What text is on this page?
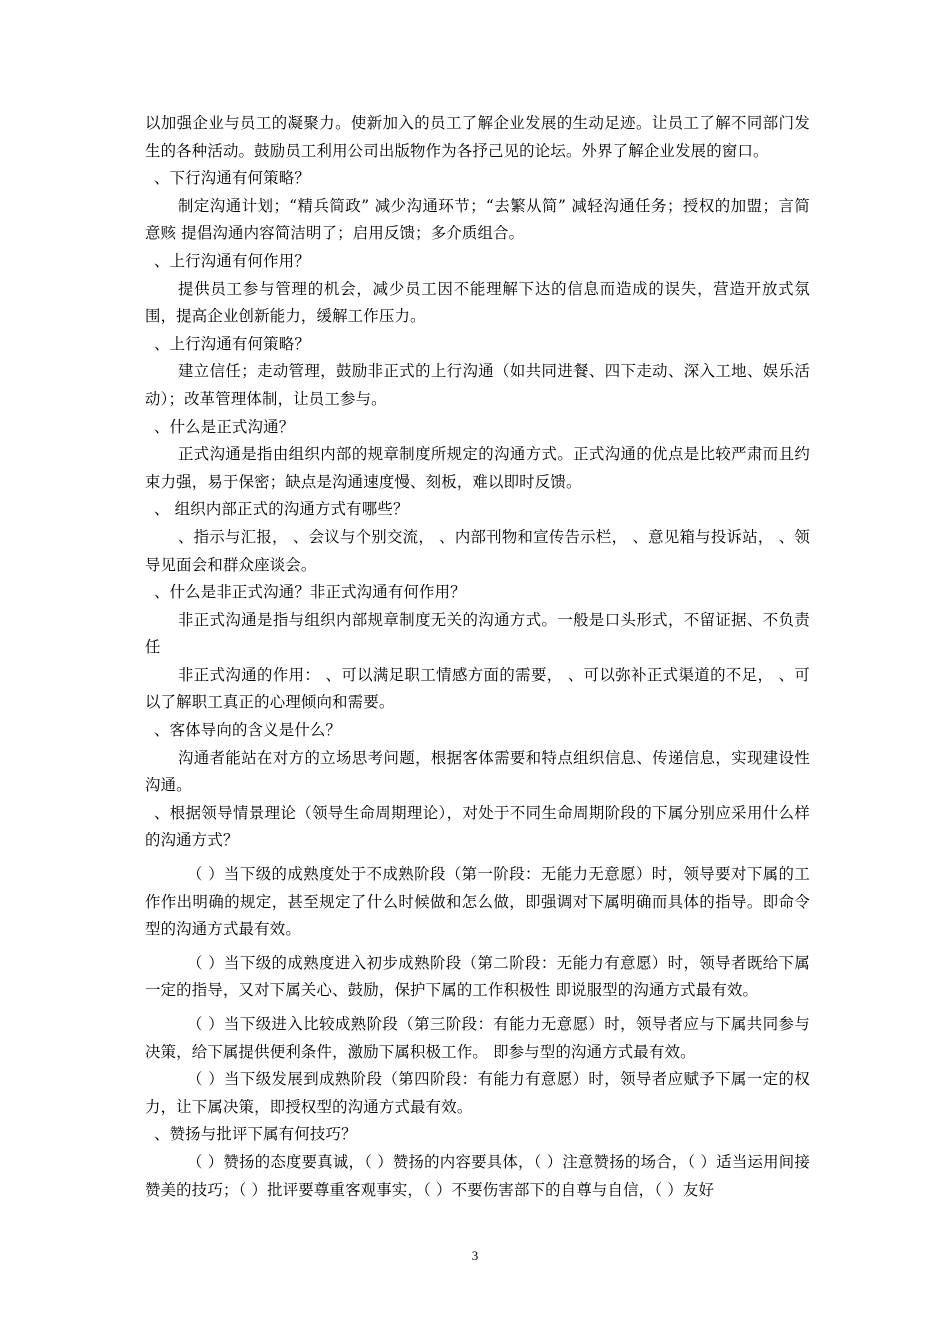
以加强企业与员工的凝聚力。使新加入的员工了解企业发展的生动足迹。让员工了解不同部门发生的各种活动。鼓励员工利用公司出版物作为各抒己见的论坛。外界了解企业发展的窗口。

、下行沟通有何策略？

制定沟通计划；“精兵简政” 减少沟通环节；“去繁从简” 减轻沟通任务；授权的加盟；言简意赅 提倡沟通内容简洁明了；启用反馈；多介质组合。

、上行沟通有何作用？

提供员工参与管理的机会，减少员工因不能理解下达的信息而造成的误失，营造开放式氛围，提高企业创新能力，缓解工作压力。

、上行沟通有何策略？

建立信任；走动管理，鼓励非正式的上行沟通（如共同进餐、四下走动、深入工地、娱乐活动）；改革管理体制，让员工参与。

、什么是正式沟通？

正式沟通是指由组织内部的规章制度所规定的沟通方式。正式沟通的优点是比较严肃而且约束力强，易于保密；缺点是沟通速度慢、刻板，难以即时反馈。

、 组织内部正式的沟通方式有哪些？

、指示与汇报， 、会议与个别交流， 、内部刊物和宣传告示栏， 、意见箱与投诉站， 、领导见面会和群众座谈会。

、什么是非正式沟通？非正式沟通有何作用？

非正式沟通是指与组织内部规章制度无关的沟通方式。一般是口头形式，不留证据、不负责任

非正式沟通的作用： 、可以满足职工情感方面的需要， 、可以弥补正式渠道的不足， 、可以了解职工真正的心理倾向和需要。

、客体导向的含义是什么？

沟通者能站在对方的立场思考问题，根据客体需要和特点组织信息、传递信息，实现建设性沟通。

、根据领导情景理论（领导生命周期理论），对处于不同生命周期阶段的下属分别应采用什么样的沟通方式？

（ ）当下级的成熟度处于不成熟阶段（第一阶段：无能力无意愿）时，领导要对下属的工作作出明确的规定，甚至规定了什么时候做和怎么做，即强调对下属明确而具体的指导。即命令型的沟通方式最有效。

（ ）当下级的成熟度进入初步成熟阶段（第二阶段：无能力有意愿）时，领导者既给下属一定的指导，又对下属关心、鼓励，保护下属的工作积极性 即说服型的沟通方式最有效。

（ ）当下级进入比较成熟阶段（第三阶段：有能力无意愿）时，领导者应与下属共同参与决策，给下属提供便利条件，激励下属积极工作。 即参与型的沟通方式最有效。

（ ）当下级发展到成熟阶段（第四阶段：有能力有意愿）时，领导者应赋予下属一定的权力，让下属决策，即授权型的沟通方式最有效。

、赞扬与批评下属有何技巧？

（ ）赞扬的态度要真诚，（ ）赞扬的内容要具体，（ ）注意赞扬的场合，（ ）适当运用间接赞美的技巧；（ ）批评要尊重客观事实，（ ）不要伤害部下的自尊与自信，（ ）友好

3
